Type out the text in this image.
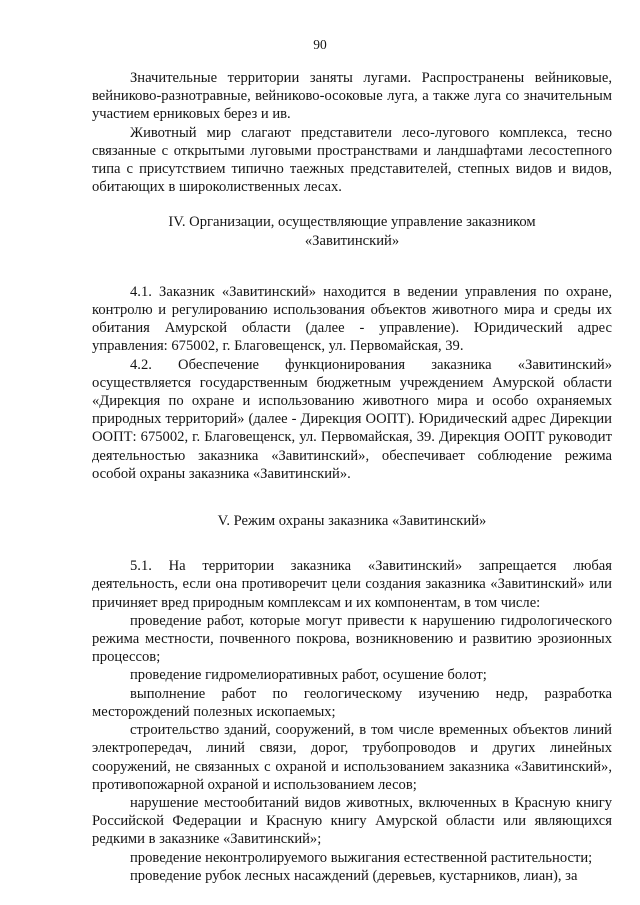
90

Значительные территории заняты лугами. Распространены вейниковые, вейниково-разнотравные, вейниково-осоковые луга, а также луга со значительным участием ерниковых берез и ив.

Животный мир слагают представители лесо-лугового комплекса, тесно связанные с открытыми луговыми пространствами и ландшафтами лесостепного типа с присутствием типично таежных представителей, степных видов и видов, обитающих в широколиственных лесах.

IV. Организации, осуществляющие управление заказником
«Завитинский»

4.1. Заказник «Завитинский» находится в ведении управления по охране, контролю и регулированию использования объектов животного мира и среды их обитания Амурской области (далее - управление). Юридический адрес управления: 675002, г. Благовещенск, ул. Первомайская, 39.

4.2. Обеспечение функционирования заказника «Завитинский» осуществляется государственным бюджетным учреждением Амурской области «Дирекция по охране и использованию животного мира и особо охраняемых природных территорий» (далее - Дирекция ООПТ). Юридический адрес Дирекции ООПТ: 675002, г. Благовещенск, ул. Первомайская, 39. Дирекция ООПТ руководит деятельностью заказника «Завитинский», обеспечивает соблюдение режима особой охраны заказника «Завитинский».

V. Режим охраны заказника «Завитинский»

5.1. На территории заказника «Завитинский» запрещается любая деятельность, если она противоречит цели создания заказника «Завитинский» или причиняет вред природным комплексам и их компонентам, в том числе:

проведение работ, которые могут привести к нарушению гидрологического режима местности, почвенного покрова, возникновению и развитию эрозионных процессов;

проведение гидромелиоративных работ, осушение болот;

выполнение работ по геологическому изучению недр, разработка месторождений полезных ископаемых;

строительство зданий, сооружений, в том числе временных объектов линий электропередач, линий связи, дорог, трубопроводов и других линейных сооружений, не связанных с охраной и использованием заказника «Завитинский», противопожарной охраной и использованием лесов;

нарушение местообитаний видов животных, включенных в Красную книгу Российской Федерации и Красную книгу Амурской области или являющихся редкими в заказнике «Завитинский»;

проведение неконтролируемого выжигания естественной растительности;

проведение рубок лесных насаждений (деревьев, кустарников, лиан), за
